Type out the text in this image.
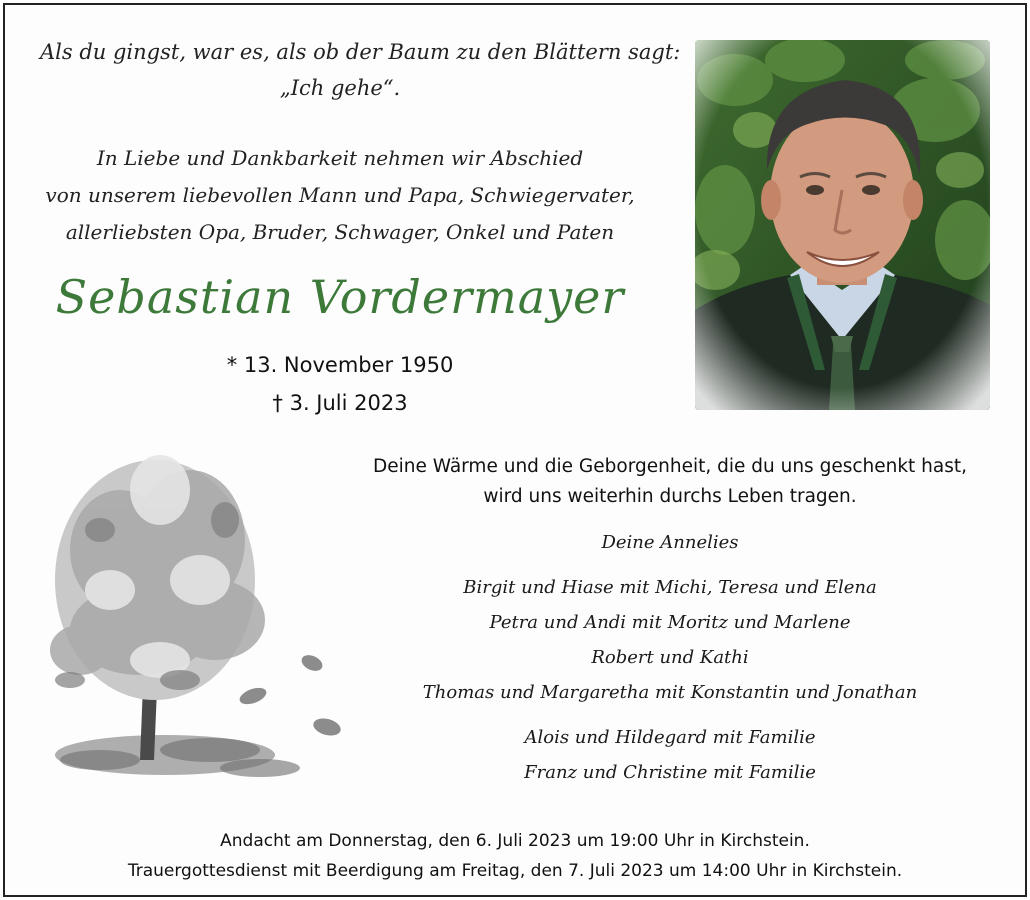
Als du gingst, war es, als ob der Baum zu den Blättern sagt:
„Ich gehe“.
In Liebe und Dankbarkeit nehmen wir Abschied
von unserem liebevollen Mann und Papa, Schwiegervater,
allerliebsten Opa, Bruder, Schwager, Onkel und Paten
Sebastian Vordermayer
* 13. November 1950
† 3. Juli 2023
Deine Wärme und die Geborgenheit, die du uns geschenkt hast,
wird uns weiterhin durchs Leben tragen.
Deine Annelies
Birgit und Hiase mit Michi, Teresa und Elena
Petra und Andi mit Moritz und Marlene
Robert und Kathi
Thomas und Margaretha mit Konstantin und Jonathan
Alois und Hildegard mit Familie
Franz und Christine mit Familie
Andacht am Donnerstag, den 6. Juli 2023 um 19:00 Uhr in Kirchstein.
Trauergottesdienst mit Beerdigung am Freitag, den 7. Juli 2023 um 14:00 Uhr in Kirchstein.
